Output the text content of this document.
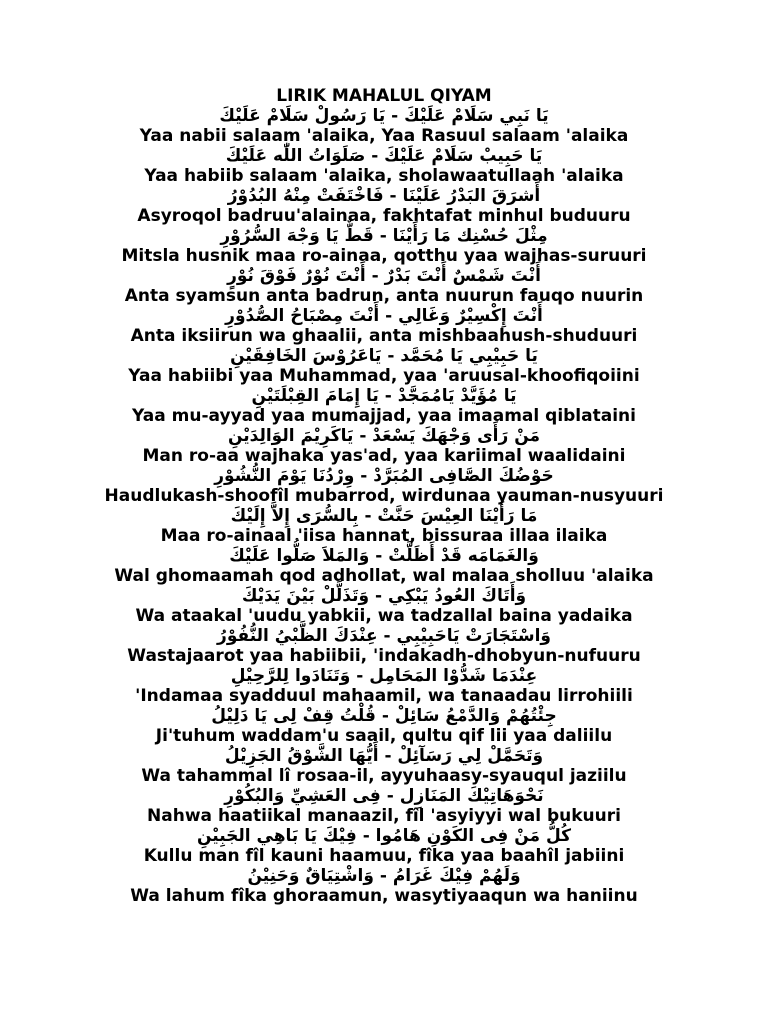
LIRIK MAHALUL QIYAM

يَا نَبِي سَلَامْ عَلَيْكَ - يَا رَسُولْ سَلَامْ عَلَيْكَ

Yaa nabii salaam 'alaika, Yaa Rasuul salaam 'alaika

يَا حَبِيبْ سَلَامْ عَلَيْكَ - صَلَوَاتُ اللّٰه عَلَيْكَ

Yaa habiib salaam 'alaika, sholawaatullaah 'alaika

أَشرَقَ البَدْرُ عَلَيْنَا - فَاخْتَفَتْ مِنْهُ البُدُوْرُ

Asyroqol badruu'alainaa, fakhtafat minhul buduuru

مِثْلَ حُسْنِك مَا رَأَيْنَا - قَطٌّ يَا وَجْهَ السُّرُوْرِ

Mitsla husnik maa ro-ainaa, qotthu yaa wajhas-suruuri

أَنْتَ شَمْسٌ أَنْتَ بَدْرٌ - أَنْتَ نُوْرٌ فَوْقَ نُوْرٍ

Anta syamsun anta badrun, anta nuurun fauqo nuurin

أَنْتَ إِكْسِيْرٌ وَغَالِي - أَنْتَ مِصْبَاحُ الصُّدُوْرِ

Anta iksiirun wa ghaalii, anta mishbaahush-shuduuri

يَا حَبِيْبِي يَا مُحَمَّد - يَاعَرُوْسَ الخَافِقَيْنِ

Yaa habiibi yaa Muhammad, yaa 'aruusal-khoofiqoiini

يَا مُؤَيَّدْ يَامُمَجَّدْ - يَا إِمَامَ القِبْلَتَيْنِ

Yaa mu-ayyad yaa mumajjad, yaa imaamal qiblataini

مَنْ رَأَى وَجْهَكَ يَسْعَدْ - يَاكَرِيْمَ الوَالِدَيْنِ

Man ro-aa wajhaka yas'ad, yaa kariimal waalidaini

حَوْضُكَ الصَّافِى المُبَرَّدْ - وِرْدُنَا يَوْمَ النُّشُوْرِ

Haudlukash-shoofîl mubarrod, wirdunaa yauman-nusyuuri

مَا رَأَيْنَا العِيْسَ حَنَّتْ - بِالسُّرَى إِلاَّ إِلَيْكَ

Maa ro-ainaal 'iisa hannat, bissuraa illaa ilaika

وَالغَمَامَه قَدْ أَظَلَّتْ - وَالمَلاَ صَلُّوا عَلَيْكَ

Wal ghomaamah qod adhollat, wal malaa sholluu 'alaika

وَأَتَاكَ العُودُ يَبْكِي - وَتَذَلَّلْ بَيْنَ يَدَيْكَ

Wa ataakal 'uudu yabkii, wa tadzallal baina yadaika

وَاسْتَجَارَتْ يَاحَبِيْبِي - عِنْدَكَ الظَّبْيُ النُّفُوْرُ

Wastajaarot yaa habiibii, 'indakadh-dhobyun-nufuuru

عِنْدَمَا شَدُّوْا المَحَامِل - وَتَنَادَوا لِلرَّحِيْلِ

'Indamaa syadduul mahaamil, wa tanaadau lirrohiili

جِئْتُهُمْ وَالدَّمْعُ سَائِلْ - قُلْتُ قِفْ لِى يَا دَلِيْلُ

Ji'tuhum waddam'u saail, qultu qif lii yaa daliilu

وَتَحَمَّلْ لِي رَسَآئِلْ - أَيُّهَا الشَّوْقُ الجَزِيْلُ

Wa tahammal lî rosaa-il, ayyuhaasy-syauqul jaziilu

نَحْوَهَاتِيْكَ المَنَازِل - فِى العَشِيِّ وَالبُكُوْرِ

Nahwa haatiikal manaazil, fîl 'asyiyyi wal bukuuri

كُلُّ مَنْ فِى الكَوْنِ هَامُوا - فِيْكَ يَا بَاهِي الجَبِيْنِ

Kullu man fîl kauni haamuu, fîka yaa baahîl jabiini

وَلَهُمْ فِيْكَ غَرَامُ - وَاشْتِيَاقٌ وَحَنِيْنُ

Wa lahum fîka ghoraamun, wasytiyaaqun wa haniinu
